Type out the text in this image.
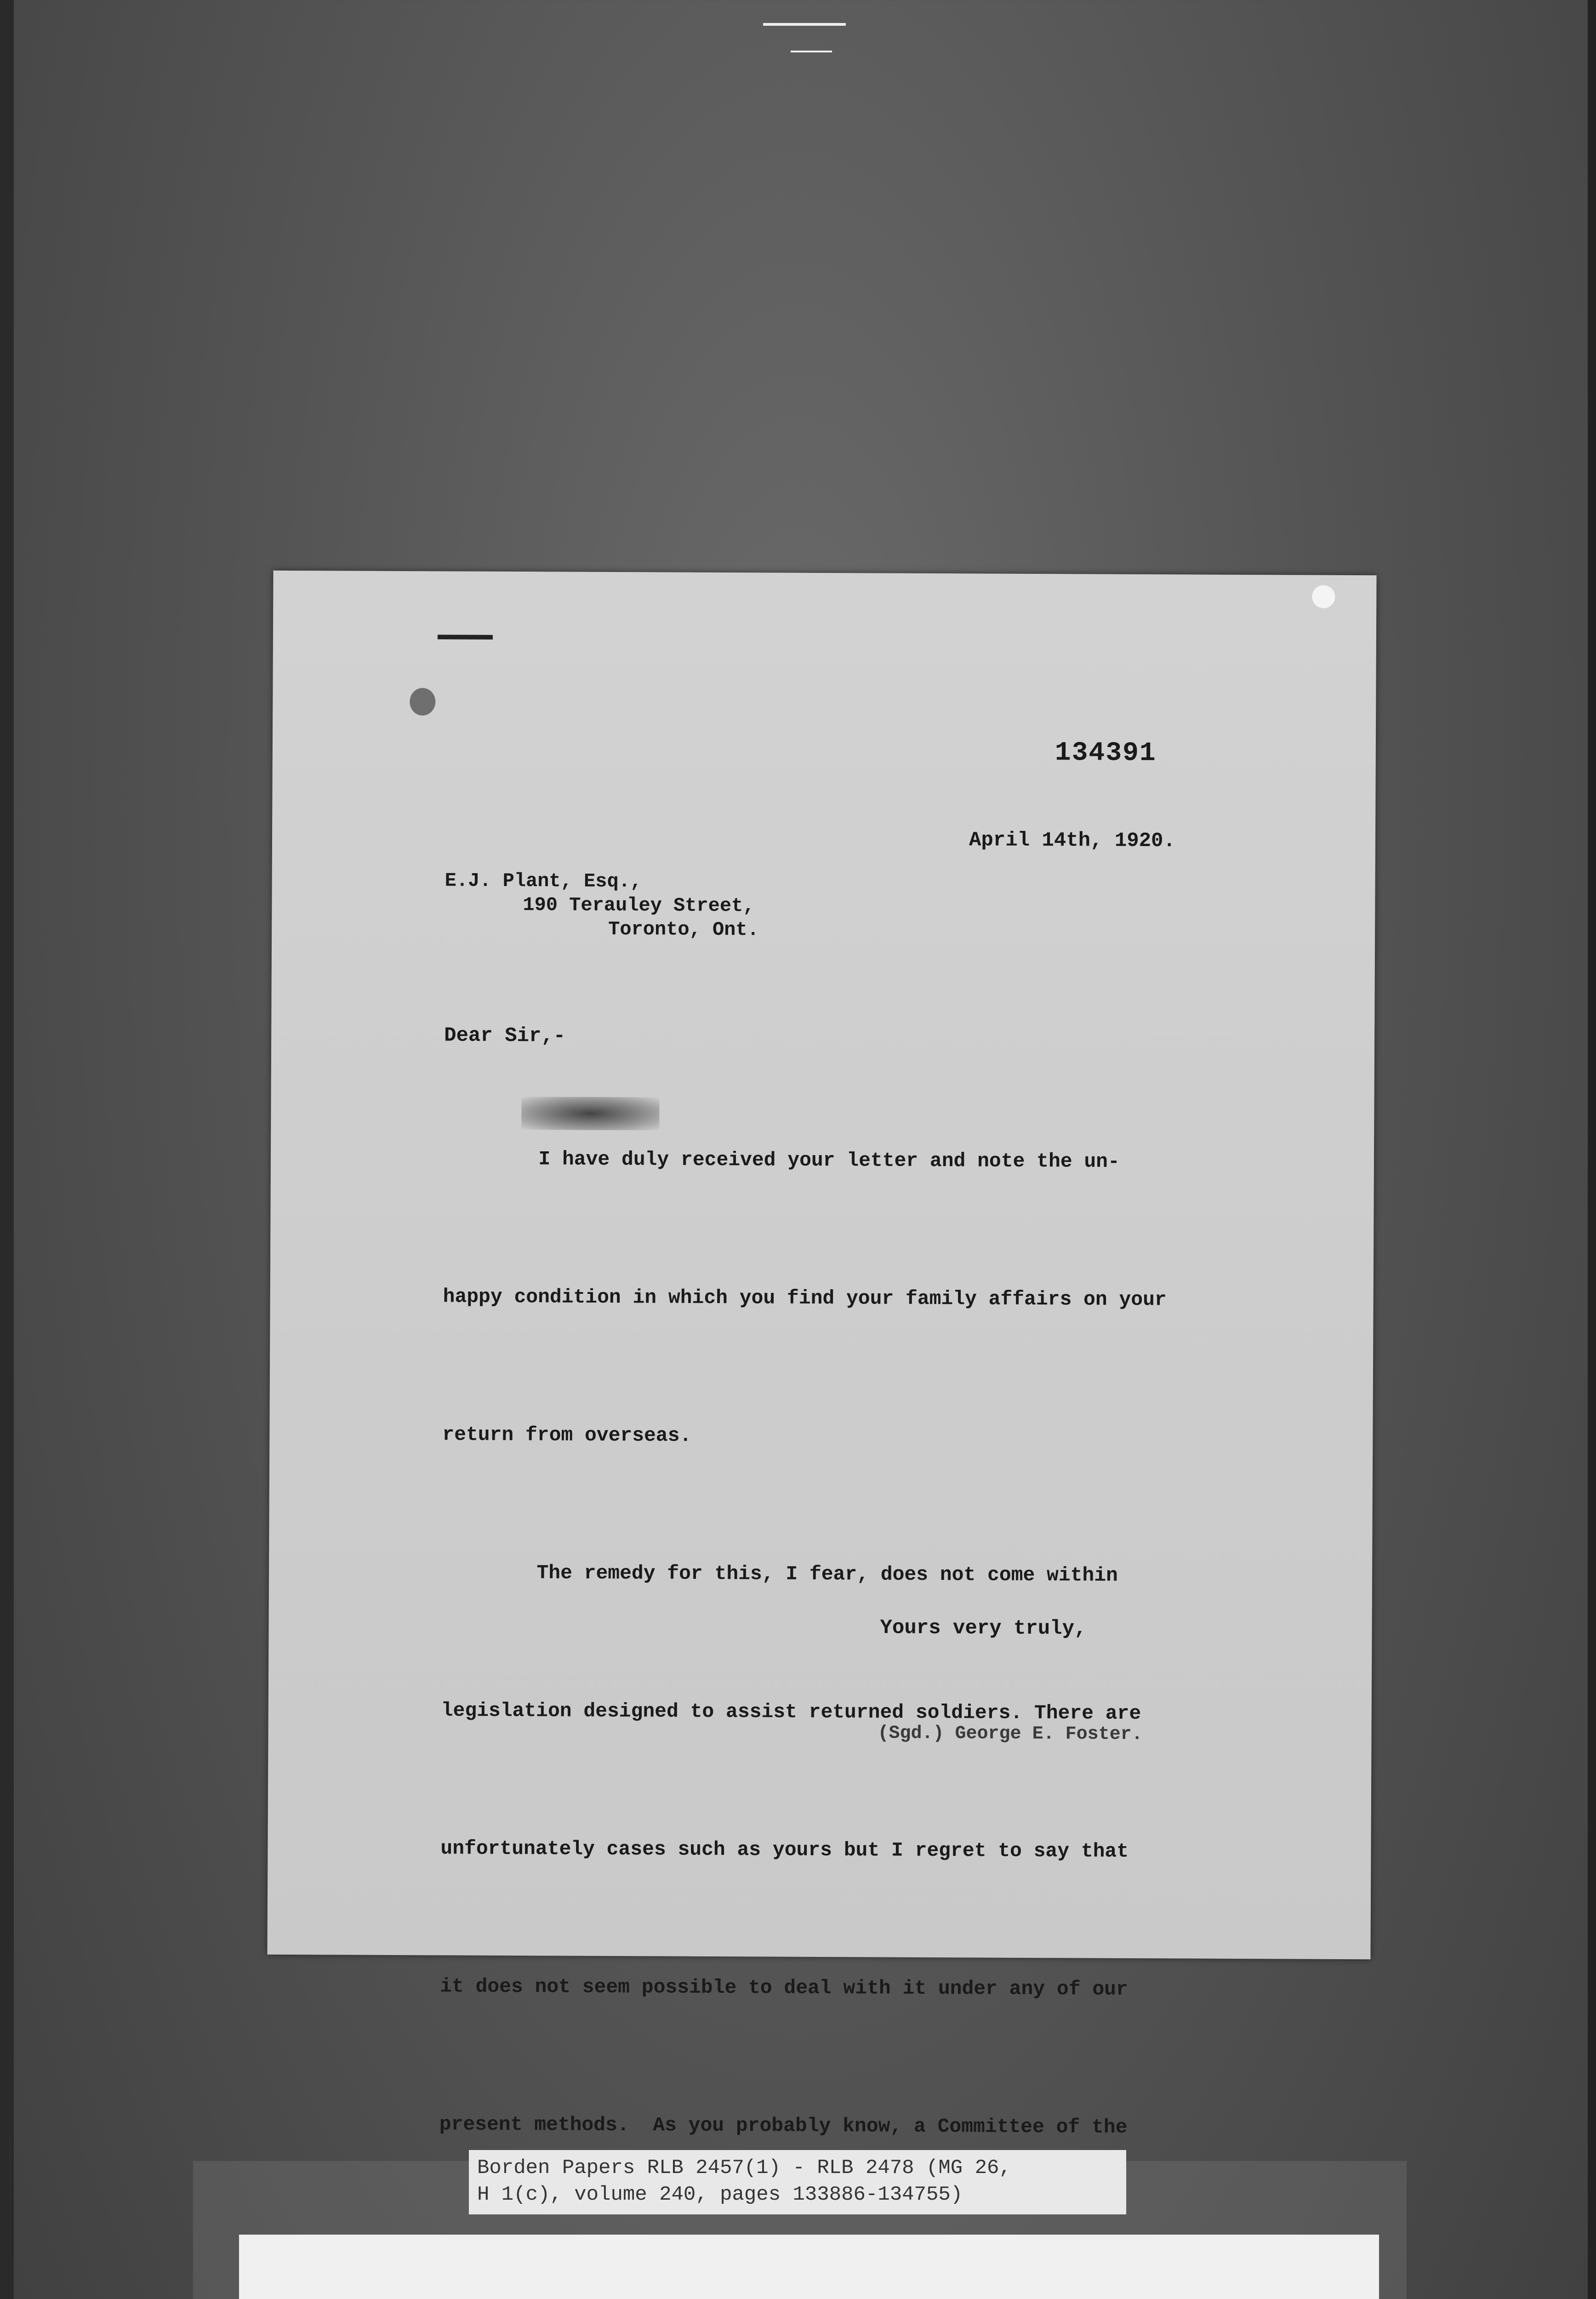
134391
April 14th, 1920.
E.J. Plant, Esq.,
190 Terauley Street,
Toronto, Ont.
Dear Sir,-

I have duly received your letter and note the un-

happy condition in which you find your family affairs on your

return from overseas.

The remedy for this, I fear, does not come within

legislation designed to assist returned soldiers. There are

unfortunately cases such as yours but I regret to say that

it does not seem possible to deal with it under any of our

present methods.  As you probably know, a Committee of the

Yours very truly,
(Sgd.) George E. Foster.
Borden Papers RLB 2457(1) - RLB 2478 (MG 26,
H 1(c), volume 240, pages 133886-134755)
